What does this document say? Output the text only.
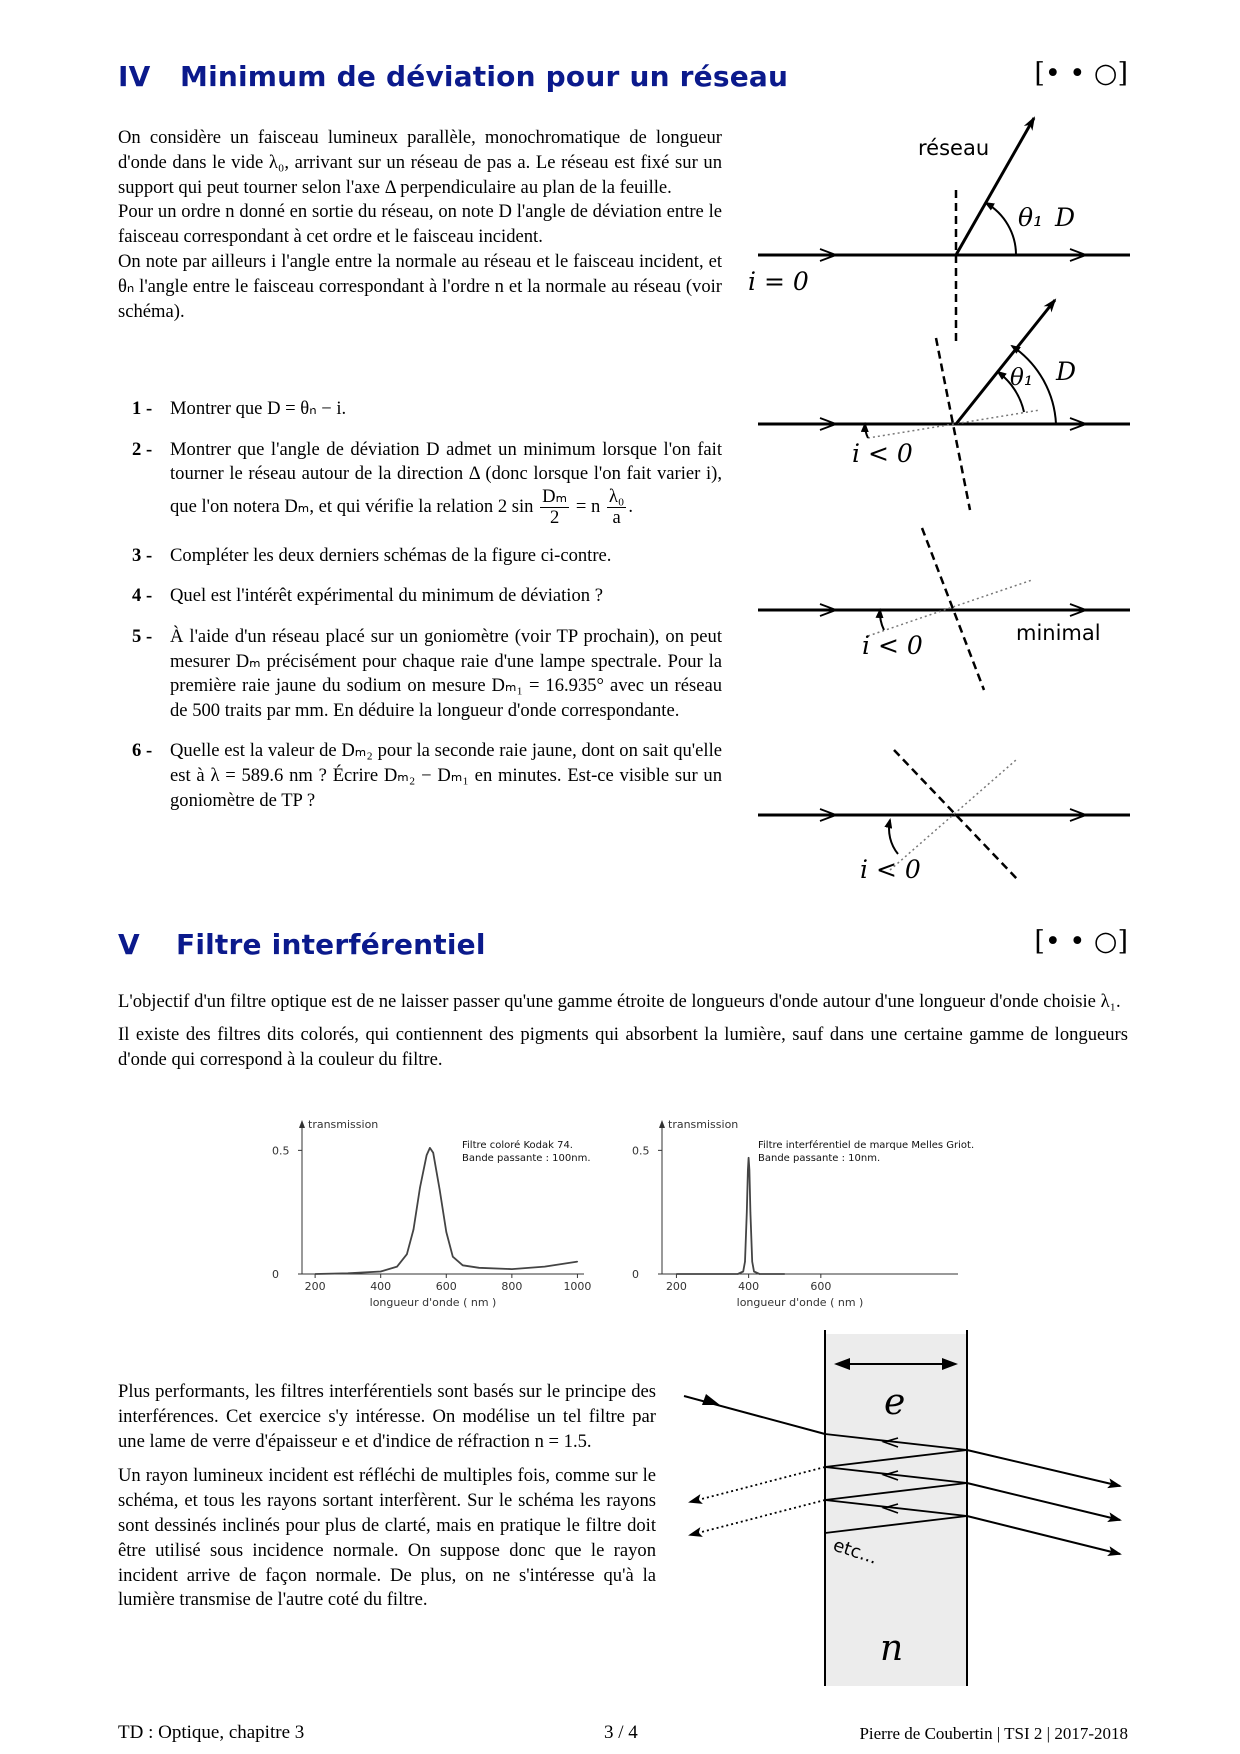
IV Minimum de déviation pour un réseau	[• • ○]

On considère un faisceau lumineux parallèle, monochromatique de longueur d'onde dans le vide λ₀, arrivant sur un réseau de pas a. Le réseau est fixé sur un support qui peut tourner selon l'axe Δ perpendiculaire au plan de la feuille.

Pour un ordre n donné en sortie du réseau, on note D l'angle de déviation entre le faisceau correspondant à cet ordre et le faisceau incident.

On note par ailleurs i l'angle entre la normale au réseau et le faisceau incident, et θₙ l'angle entre le faisceau correspondant à l'ordre n et la normale au réseau (voir schéma).

1 - Montrer que D = θₙ − i.
2 - Montrer que l'angle de déviation D admet un minimum lorsque l'on fait tourner le réseau autour de la direction Δ (donc lorsque l'on fait varier i), que l'on notera Dₘ, et qui vérifie la relation 2 $\sin \frac{\text{Dₘ}}{2} = n \frac{\text{λ₀}}{a}$ .
3 - Compléter les deux derniers schémas de la figure ci-contre.
4 - Quel est l'intérêt expérimental du minimum de déviation ?
5 - À l'aide d'un réseau placé sur un goniomètre (voir TP prochain), on peut mesurer Dₘ précisément pour chaque raie d'une lampe spectrale. Pour la première raie jaune du sodium on mesure Dₘ₁ = 16.935° avec un réseau de 500 traits par mm. En déduire la longueur d'onde correspondante.
6 - Quelle est la valeur de Dₘ₂ pour la seconde raie jaune, dont on sait qu'elle est à λ = 589.6 nm ? Écrire Dₘ₂ − Dₘ₁ en minutes. Est-ce visible sur un goniomètre de TP ?
réseau
θ₁ D
i = 0
θ₁ D
i < 0
i < 0	minimal
i < 0
V Filtre interférentiel	[• • ○]

L'objectif d'un filtre optique est de ne laisser passer qu'une gamme étroite de longueurs d'onde autour d'une longueur d'onde choisie λ₁.

Il existe des filtres dits colorés, qui contiennent des pigments qui absorbent la lumière, sauf dans une certaine gamme de longueurs d'onde qui correspond à la couleur du filtre.

transmission
0
0.5
200	400	600	800	1000
longueur d'onde ( nm )
Filtre coloré Kodak 74.
Bande passante : 100nm.
transmission
0
0.5
200	400	600
longueur d'onde ( nm )
Filtre interférentiel de marque Melles Griot.
Bande passante : 10nm.

Plus performants, les filtres interférentiels sont basés sur le principe des interférences. Cet exercice s'y intéresse. On modélise un tel filtre par une lame de verre d'épaisseur e et d'indice de réfraction n = 1.5.

Un rayon lumineux incident est réfléchi de multiples fois, comme sur le schéma, et tous les rayons sortant interfèrent. Sur le schéma les rayons sont dessinés inclinés pour plus de clarté, mais en pratique le filtre doit être utilisé sous incidence normale. On suppose donc que le rayon incident arrive de façon normale. De plus, on ne s'intéresse qu'à la lumière transmise de l'autre coté du filtre.

e
n
etc...
TD : Optique, chapitre 3	3 / 4	Pierre de Coubertin | TSI 2 | 2017-2018
